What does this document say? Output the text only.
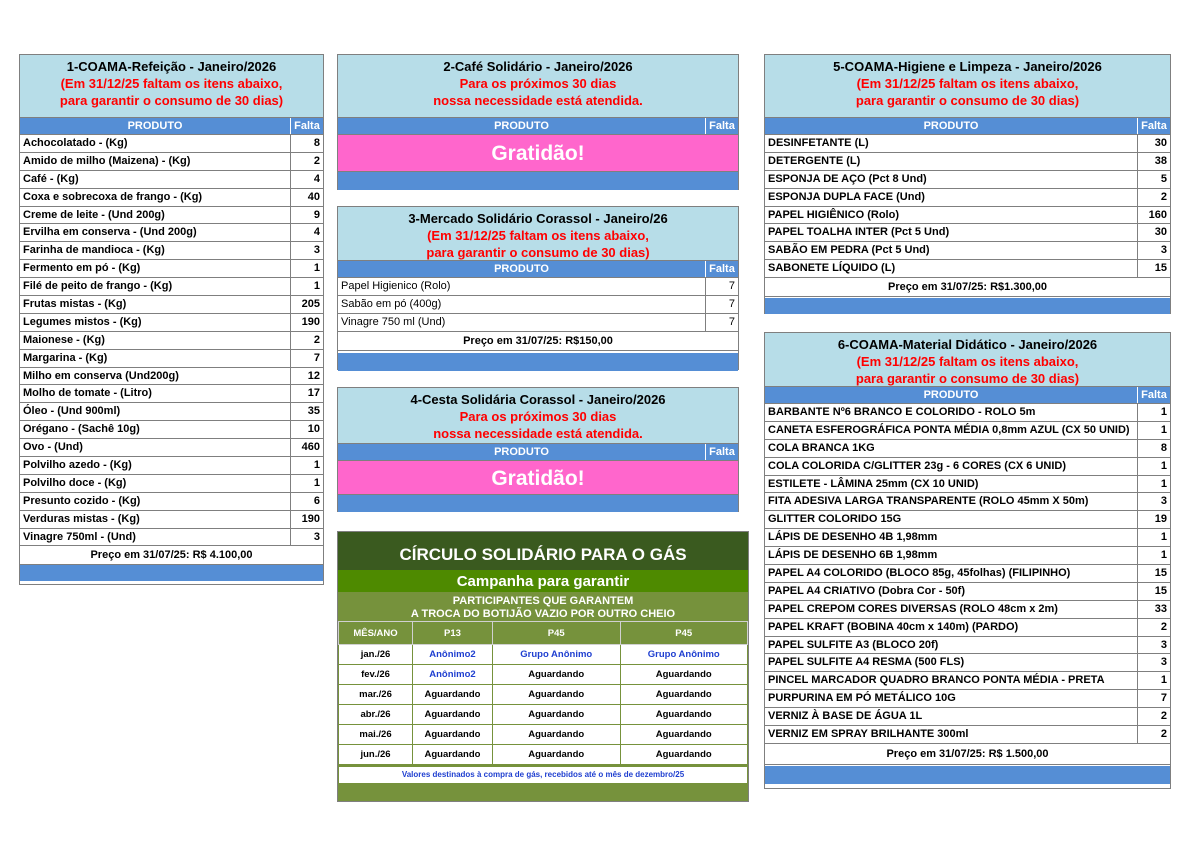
1-COAMA-Refeição - Janeiro/2026
(Em 31/12/25 faltam os itens abaixo,
para garantir o consumo de 30 dias)
PRODUTO	Falta
Achocolatado - (Kg)	8
Amido de milho (Maizena) - (Kg)	2
Café - (Kg)	4
Coxa e sobrecoxa de frango - (Kg)	40
Creme de leite - (Und 200g)	9
Ervilha em conserva - (Und 200g)	4
Farinha de mandioca - (Kg)	3
Fermento em pó - (Kg)	1
Filé de peito de frango - (Kg)	1
Frutas mistas - (Kg)	205
Legumes mistos - (Kg)	190
Maionese - (Kg)	2
Margarina - (Kg)	7
Milho em conserva (Und200g)	12
Molho de tomate - (Litro)	17
Óleo - (Und 900ml)	35
Orégano - (Sachê 10g)	10
Ovo - (Und)	460
Polvilho azedo - (Kg)	1
Polvilho doce - (Kg)	1
Presunto cozido - (Kg)	6
Verduras mistas - (Kg)	190
Vinagre 750ml - (Und)	3
Preço em 31/07/25: R$ 4.100,00
2-Café Solidário - Janeiro/2026
Para os próximos 30 dias
nossa necessidade está atendida.
PRODUTO	Falta
Gratidão!
3-Mercado Solidário Corassol - Janeiro/26
(Em 31/12/25 faltam os itens abaixo,
para garantir o consumo de 30 dias)
PRODUTO	Falta
Papel Higienico (Rolo)	7
Sabão em pó (400g)	7
Vinagre 750 ml (Und)	7
Preço em 31/07/25: R$150,00
4-Cesta Solidária Corassol - Janeiro/2026
Para os próximos 30 dias
nossa necessidade está atendida.
PRODUTO	Falta
Gratidão!
5-COAMA-Higiene e Limpeza - Janeiro/2026
(Em 31/12/25 faltam os itens abaixo,
para garantir o consumo de 30 dias)
PRODUTO	Falta
DESINFETANTE (L)	30
DETERGENTE (L)	38
ESPONJA DE AÇO (Pct 8 Und)	5
ESPONJA DUPLA FACE (Und)	2
PAPEL HIGIÊNICO (Rolo)	160
PAPEL TOALHA INTER (Pct 5 Und)	30
SABÃO EM PEDRA (Pct 5 Und)	3
SABONETE LÍQUIDO (L)	15
Preço em 31/07/25: R$1.300,00
6-COAMA-Material Didático - Janeiro/2026
(Em 31/12/25 faltam os itens abaixo,
para garantir o consumo de 30 dias)
PRODUTO	Falta
BARBANTE Nº6 BRANCO E COLORIDO - ROLO 5m	1
CANETA ESFEROGRÁFICA PONTA MÉDIA 0,8mm AZUL (CX 50 UNID)	1
COLA BRANCA 1KG	8
COLA COLORIDA C/GLITTER 23g - 6 CORES (CX 6 UNID)	1
ESTILETE - LÂMINA 25mm (CX 10 UNID)	1
FITA ADESIVA LARGA TRANSPARENTE (ROLO 45mm X 50m)	3
GLITTER COLORIDO 15G	19
LÁPIS DE DESENHO 4B 1,98mm	1
LÁPIS DE DESENHO 6B 1,98mm	1
PAPEL A4 COLORIDO (BLOCO 85g, 45folhas) (FILIPINHO)	15
PAPEL A4 CRIATIVO (Dobra Cor - 50f)	15
PAPEL CREPOM CORES DIVERSAS (ROLO 48cm x 2m)	33
PAPEL KRAFT (BOBINA 40cm x 140m) (PARDO)	2
PAPEL SULFITE A3 (BLOCO 20f)	3
PAPEL SULFITE A4 RESMA (500 FLS)	3
PINCEL MARCADOR QUADRO BRANCO PONTA MÉDIA - PRETA	1
PURPURINA EM PÓ METÁLICO 10G	7
VERNIZ À BASE DE ÁGUA 1L	2
VERNIZ EM SPRAY BRILHANTE 300ml	2
Preço em 31/07/25: R$ 1.500,00
CÍRCULO SOLIDÁRIO PARA O GÁS
Campanha para garantir
PARTICIPANTES QUE GARANTEM
A TROCA DO BOTIJÃO VAZIO POR OUTRO CHEIO
MÊS/ANO	P13	P45	P45
jan./26	Anônimo2	Grupo Anônimo	Grupo Anônimo
fev./26	Anônimo2	Aguardando	Aguardando
mar./26	Aguardando	Aguardando	Aguardando
abr./26	Aguardando	Aguardando	Aguardando
mai./26	Aguardando	Aguardando	Aguardando
jun./26	Aguardando	Aguardando	Aguardando
Valores destinados à compra de gás, recebidos até o mês de dezembro/25
